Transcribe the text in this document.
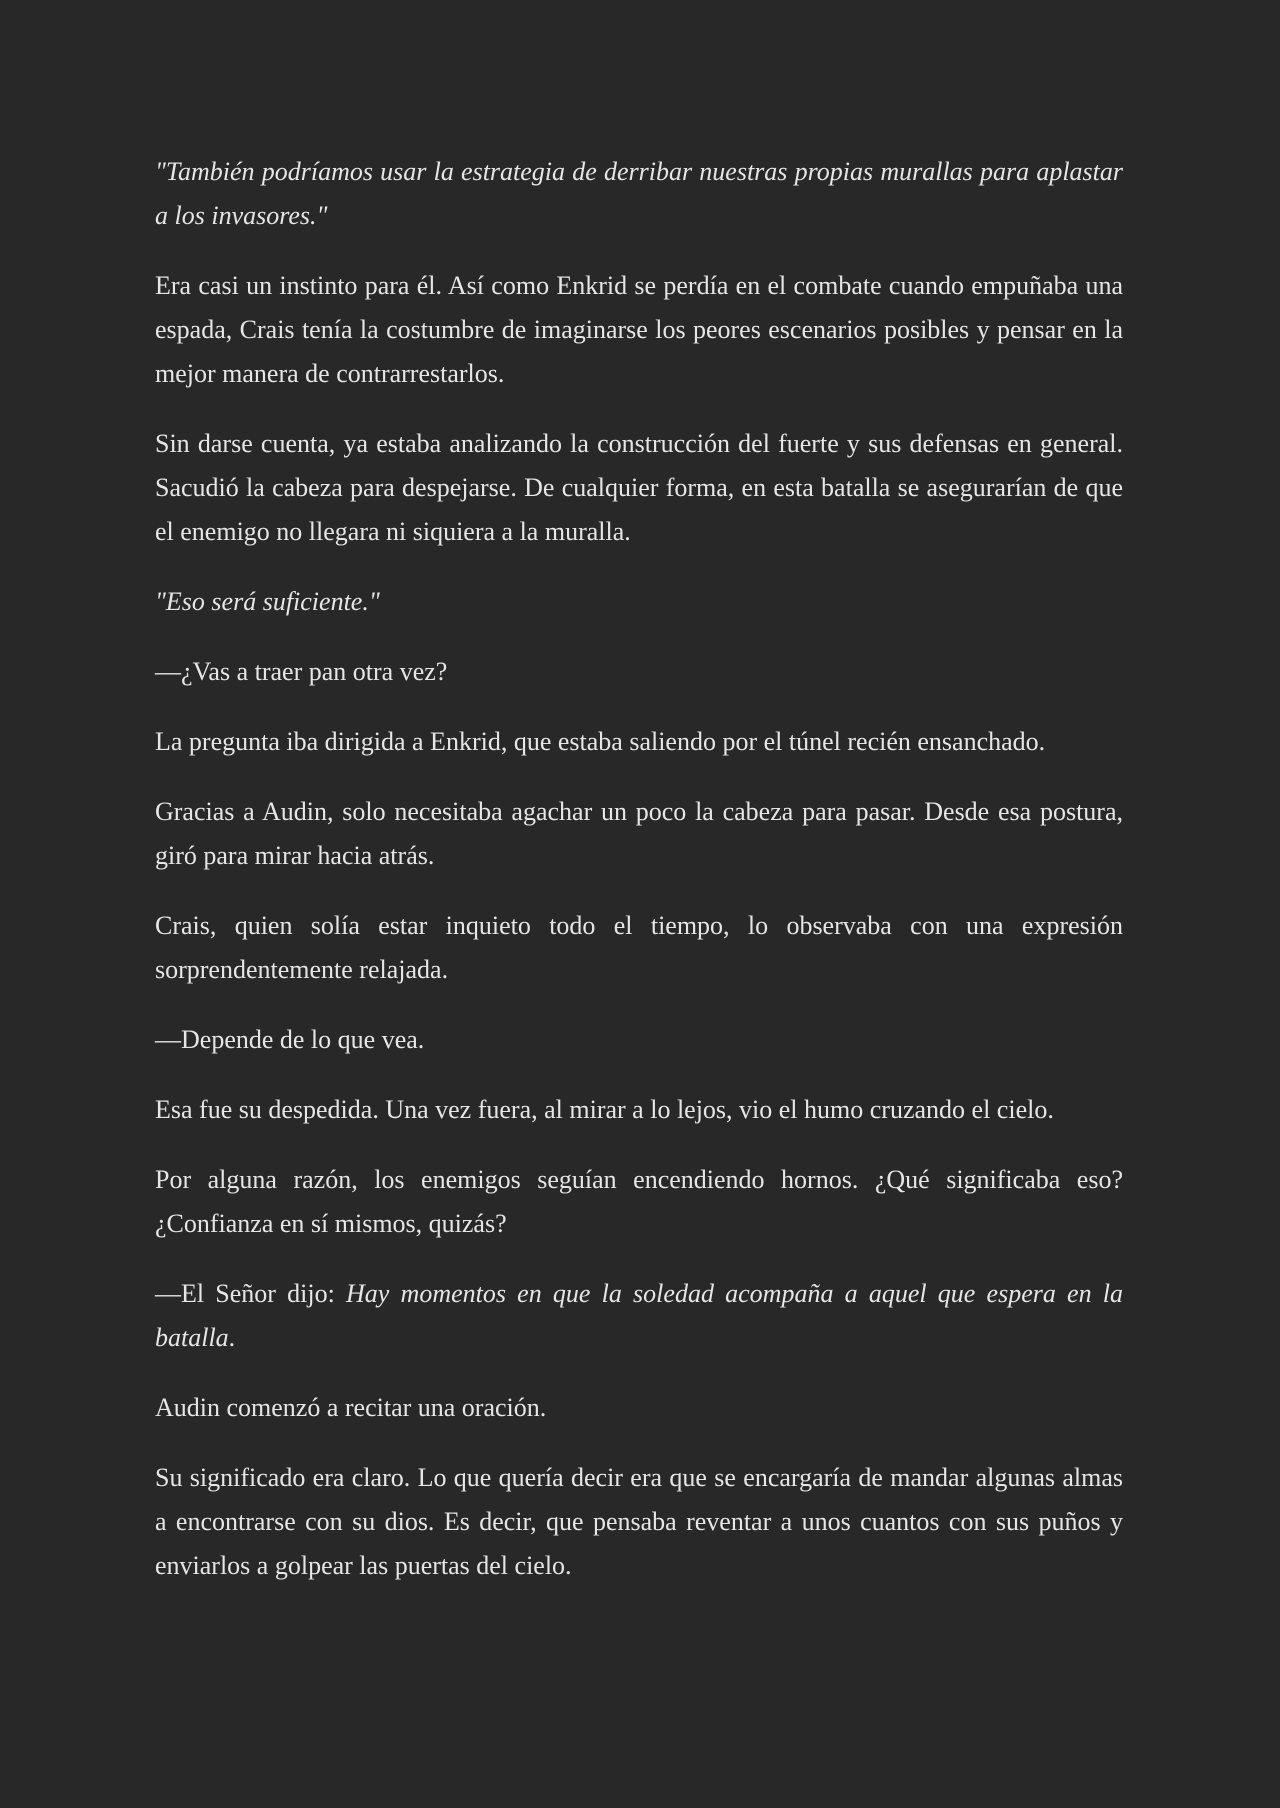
"También podríamos usar la estrategia de derribar nuestras propias murallas para aplastar a los invasores."

Era casi un instinto para él. Así como Enkrid se perdía en el combate cuando empuñaba una espada, Crais tenía la costumbre de imaginarse los peores escenarios posibles y pensar en la mejor manera de contrarrestarlos.

Sin darse cuenta, ya estaba analizando la construcción del fuerte y sus defensas en general. Sacudió la cabeza para despejarse. De cualquier forma, en esta batalla se asegurarían de que el enemigo no llegara ni siquiera a la muralla.

"Eso será suficiente."

—¿Vas a traer pan otra vez?

La pregunta iba dirigida a Enkrid, que estaba saliendo por el túnel recién ensanchado.

Gracias a Audin, solo necesitaba agachar un poco la cabeza para pasar. Desde esa postura, giró para mirar hacia atrás.

Crais, quien solía estar inquieto todo el tiempo, lo observaba con una expresión sorprendentemente relajada.

—Depende de lo que vea.

Esa fue su despedida. Una vez fuera, al mirar a lo lejos, vio el humo cruzando el cielo.

Por alguna razón, los enemigos seguían encendiendo hornos. ¿Qué significaba eso? ¿Confianza en sí mismos, quizás?

—El Señor dijo: Hay momentos en que la soledad acompaña a aquel que espera en la batalla.

Audin comenzó a recitar una oración.

Su significado era claro. Lo que quería decir era que se encargaría de mandar algunas almas a encontrarse con su dios. Es decir, que pensaba reventar a unos cuantos con sus puños y enviarlos a golpear las puertas del cielo.
